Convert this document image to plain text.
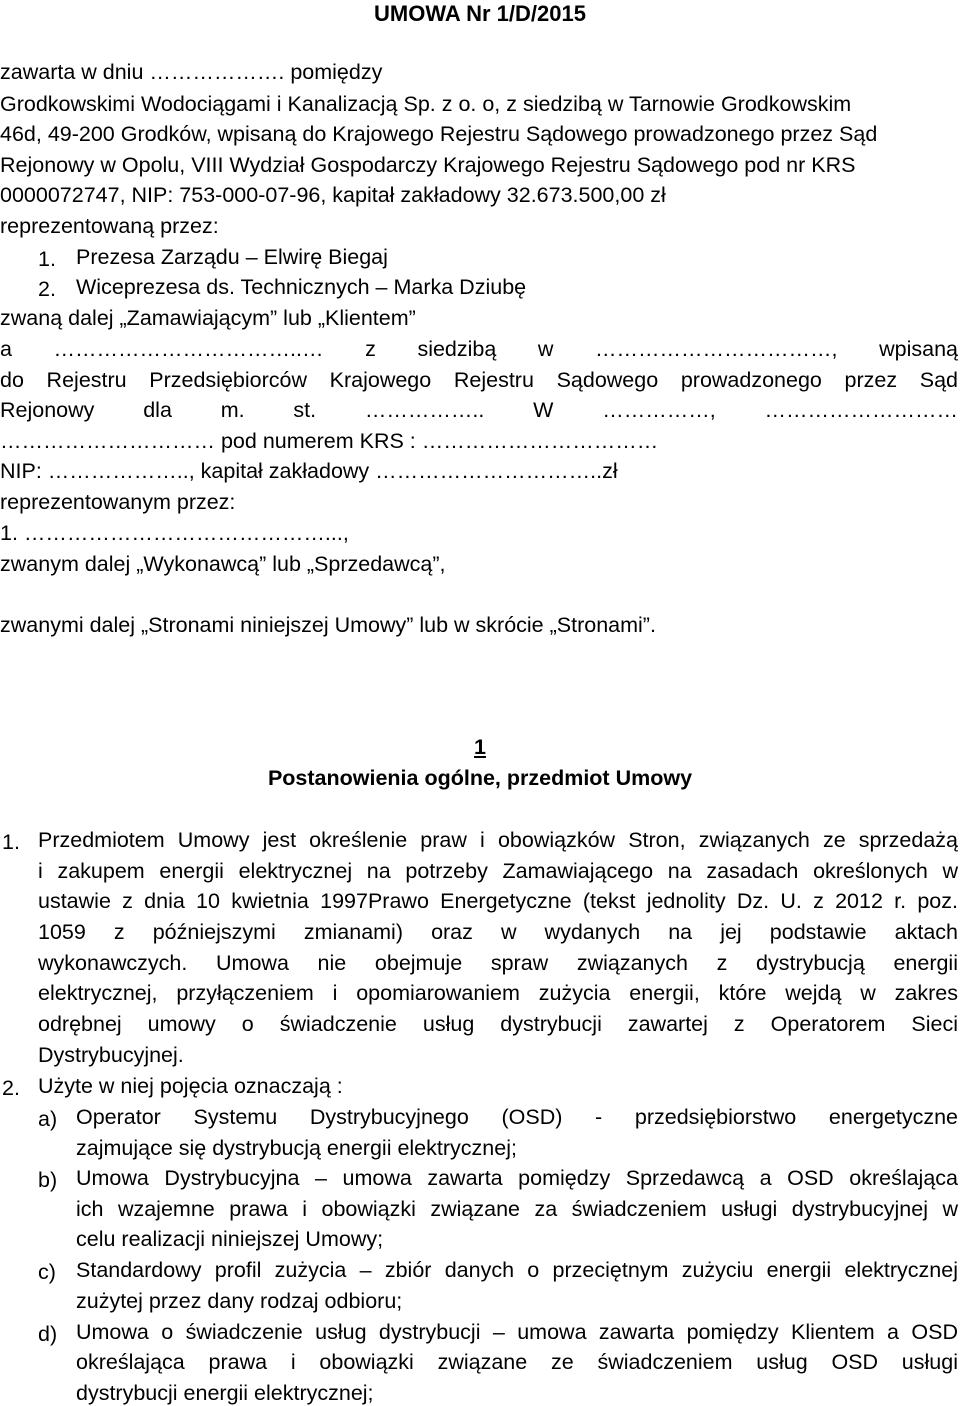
UMOWA Nr 1/D/2015
zawarta w dniu ………………. pomiędzy
Grodkowskimi Wodociągami i Kanalizacją Sp. z o. o, z siedzibą w Tarnowie Grodkowskim
46d, 49-200 Grodków, wpisaną do Krajowego Rejestru Sądowego prowadzonego przez Sąd
Rejonowy w Opolu, VIII Wydział Gospodarczy Krajowego Rejestru Sądowego pod nr KRS
0000072747, NIP: 753-000-07-96, kapitał zakładowy 32.673.500,00 zł
reprezentowaną przez:
1. Prezesa Zarządu – Elwirę Biegaj
2. Wiceprezesa ds. Technicznych – Marka Dziubę
zwaną dalej „Zamawiającym” lub „Klientem”
a ……………………………..… z siedzibą w ……………………………, wpisaną
do Rejestru Przedsiębiorców Krajowego Rejestru Sądowego prowadzonego przez Sąd
Rejonowy dla m. st. …………….. W ……………, ………………………
………………………… pod numerem KRS : ……………………………
NIP: ……………….., kapitał zakładowy …………………………..zł
reprezentowanym przez:
1. ……………………………………...,
zwanym dalej „Wykonawcą” lub „Sprzedawcą”,
zwanymi dalej „Stronami niniejszej Umowy” lub w skrócie „Stronami”.
1
Postanowienia ogólne, przedmiot Umowy
1. Przedmiotem Umowy jest określenie praw i obowiązków Stron, związanych ze sprzedażą
i zakupem energii elektrycznej na potrzeby Zamawiającego na zasadach określonych w
ustawie z dnia 10 kwietnia 1997Prawo Energetyczne (tekst jednolity Dz. U. z 2012 r. poz.
1059 z późniejszymi zmianami) oraz w wydanych na jej podstawie aktach
wykonawczych. Umowa nie obejmuje spraw związanych z dystrybucją energii
elektrycznej, przyłączeniem i opomiarowaniem zużycia energii, które wejdą w zakres
odrębnej umowy o świadczenie usług dystrybucji zawartej z Operatorem Sieci
Dystrybucyjnej.
2. Użyte w niej pojęcia oznaczają :
a) Operator Systemu Dystrybucyjnego (OSD) - przedsiębiorstwo energetyczne
zajmujące się dystrybucją energii elektrycznej;
b) Umowa Dystrybucyjna – umowa zawarta pomiędzy Sprzedawcą a OSD określająca
ich wzajemne prawa i obowiązki związane za świadczeniem usługi dystrybucyjnej w
celu realizacji niniejszej Umowy;
c) Standardowy profil zużycia – zbiór danych o przeciętnym zużyciu energii elektrycznej
zużytej przez dany rodzaj odbioru;
d) Umowa o świadczenie usług dystrybucji – umowa zawarta pomiędzy Klientem a OSD
określająca prawa i obowiązki związane ze świadczeniem usług OSD usługi
dystrybucji energii elektrycznej;
